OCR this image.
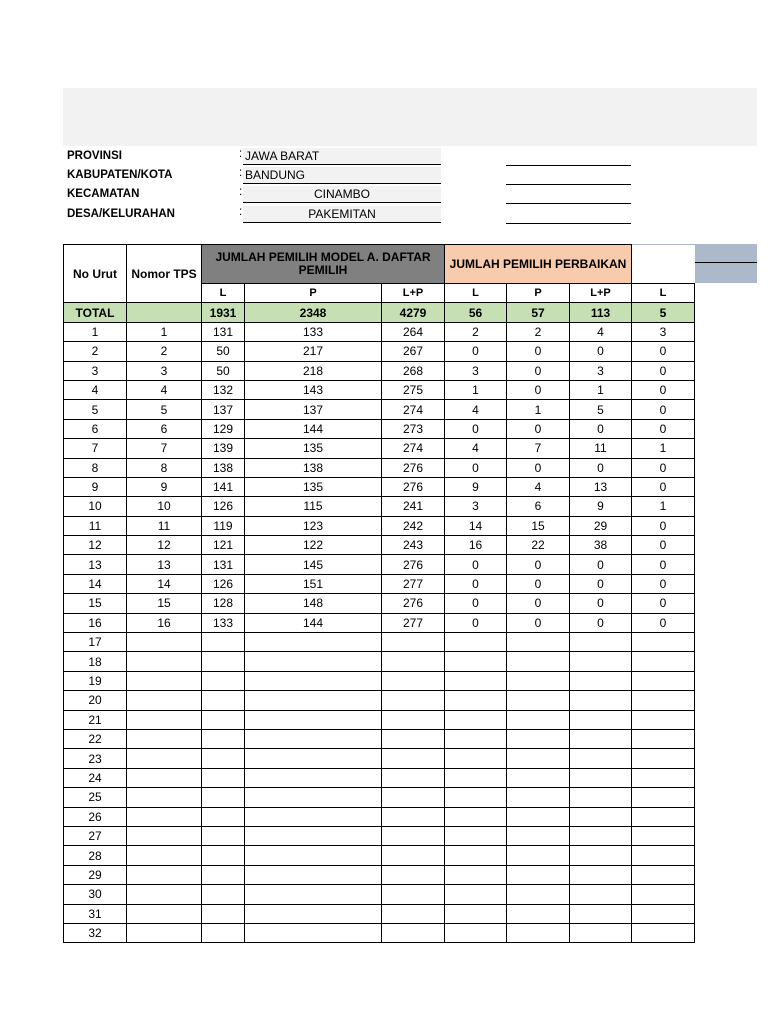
PROVINSI	: JAWA BARAT
KABUPATEN/KOTA	: BANDUNG
KECAMATAN	:	CINAMBO
DESA/KELURAHAN	:	PAKEMITAN
No Urut	Nomor TPS	JUMLAH PEMILIH MODEL A. DAFTAR PEMILIH			JUMLAH PEMILIH PERBAIKAN			
		L	P	L+P	L	P	L+P	L
TOTAL		1931	2348	4279	56	57	113	5
1	1	131	133	264	2	2	4	3
2	2	50	217	267	0	0	0	0
3	3	50	218	268	3	0	3	0
4	4	132	143	275	1	0	1	0
5	5	137	137	274	4	1	5	0
6	6	129	144	273	0	0	0	0
7	7	139	135	274	4	7	11	1
8	8	138	138	276	0	0	0	0
9	9	141	135	276	9	4	13	0
10	10	126	115	241	3	6	9	1
11	11	119	123	242	14	15	29	0
12	12	121	122	243	16	22	38	0
13	13	131	145	276	0	0	0	0
14	14	126	151	277	0	0	0	0
15	15	128	148	276	0	0	0	0
16	16	133	144	277	0	0	0	0
17								
18								
19								
20								
21								
22								
23								
24								
25								
26								
27								
28								
29								
30								
31								
32								
